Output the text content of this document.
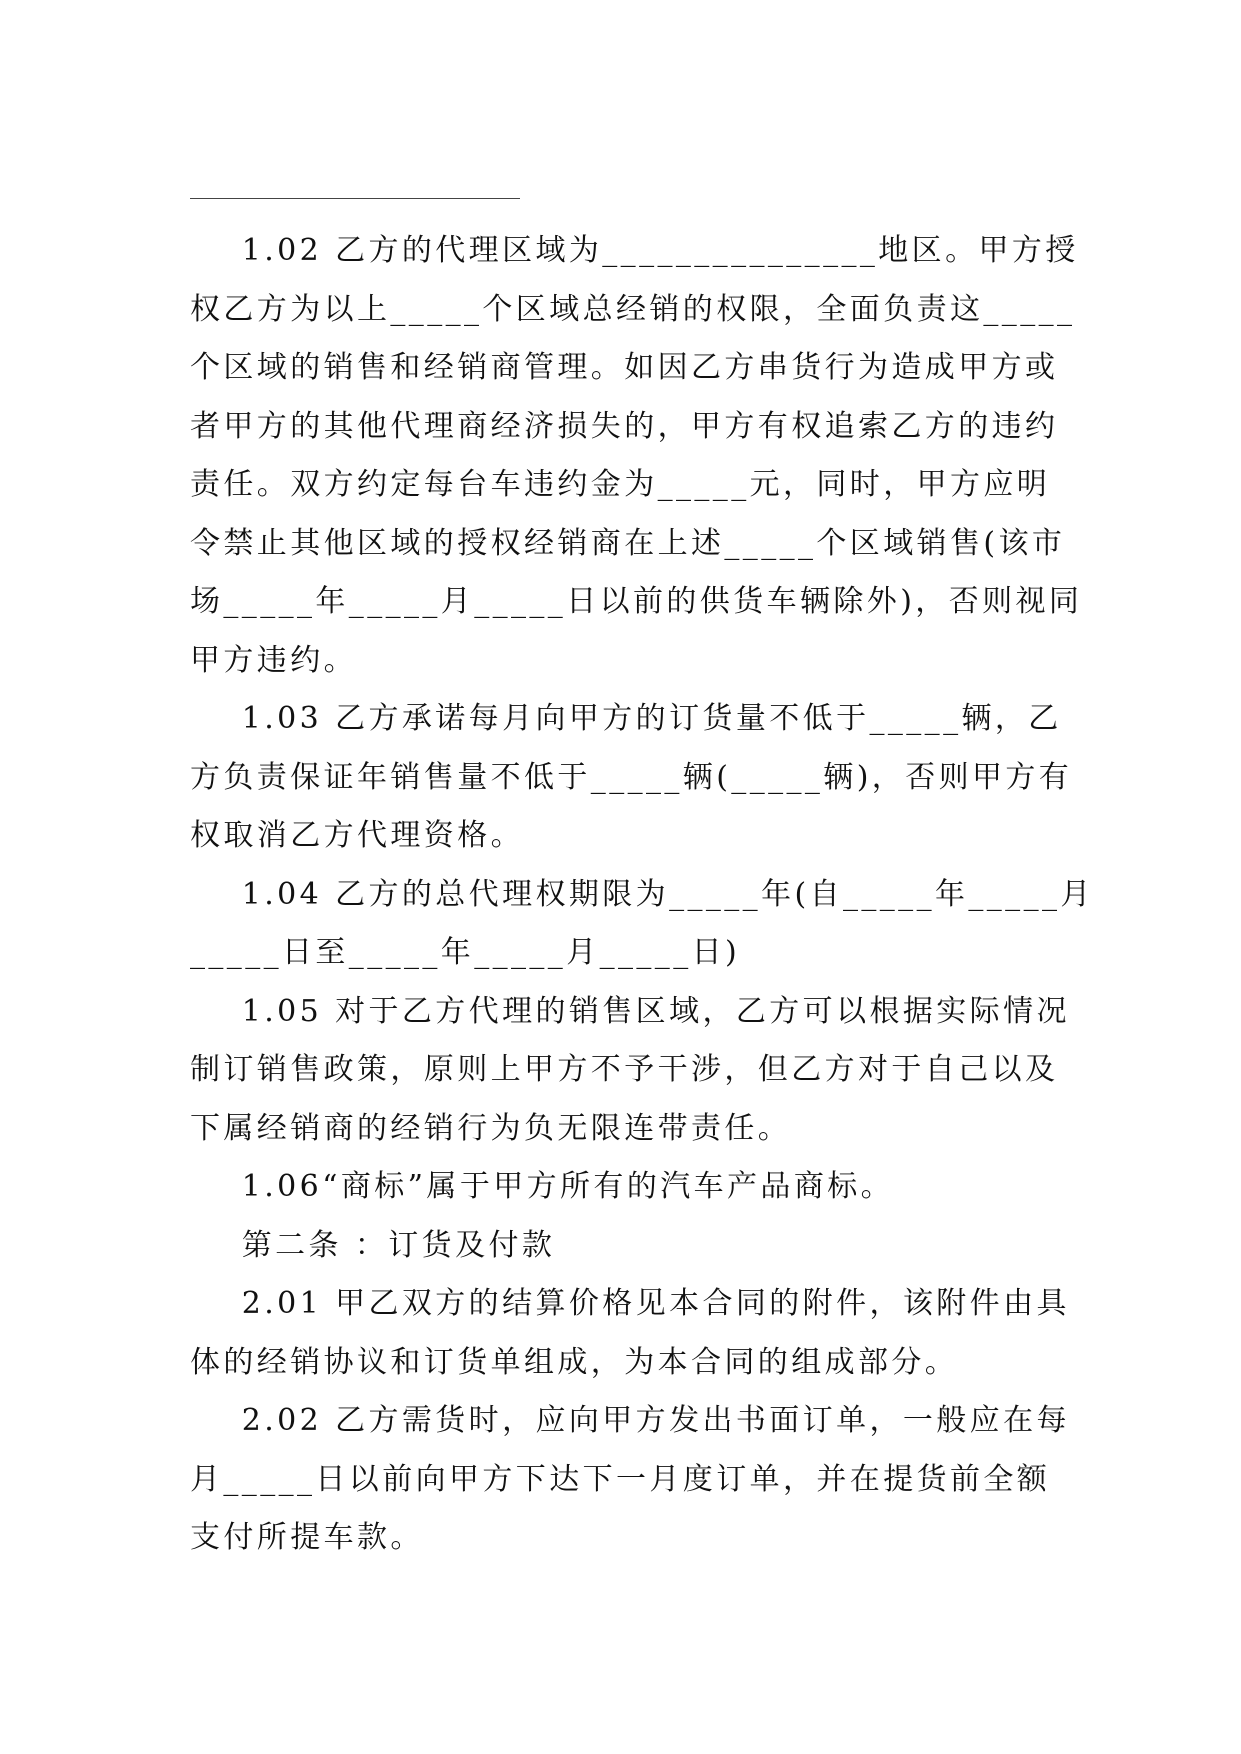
1.02 乙方的代理区域为_______________地区。甲方授
权乙方为以上_____个区域总经销的权限，全面负责这_____
个区域的销售和经销商管理。如因乙方串货行为造成甲方或
者甲方的其他代理商经济损失的，甲方有权追索乙方的违约
责任。双方约定每台车违约金为_____元，同时，甲方应明
令禁止其他区域的授权经销商在上述_____个区域销售(该市
场_____年_____月_____日以前的供货车辆除外)，否则视同
甲方违约。
1.03 乙方承诺每月向甲方的订货量不低于_____辆，乙
方负责保证年销售量不低于_____辆(_____辆)，否则甲方有
权取消乙方代理资格。
1.04 乙方的总代理权期限为_____年(自_____年_____月
_____日至_____年_____月_____日)
1.05 对于乙方代理的销售区域，乙方可以根据实际情况
制订销售政策，原则上甲方不予干涉，但乙方对于自己以及
下属经销商的经销行为负无限连带责任。
1.06“商标”属于甲方所有的汽车产品商标。
第二条 ：订货及付款
2.01 甲乙双方的结算价格见本合同的附件，该附件由具
体的经销协议和订货单组成，为本合同的组成部分。
2.02 乙方需货时，应向甲方发出书面订单，一般应在每
月_____日以前向甲方下达下一月度订单，并在提货前全额
支付所提车款。
